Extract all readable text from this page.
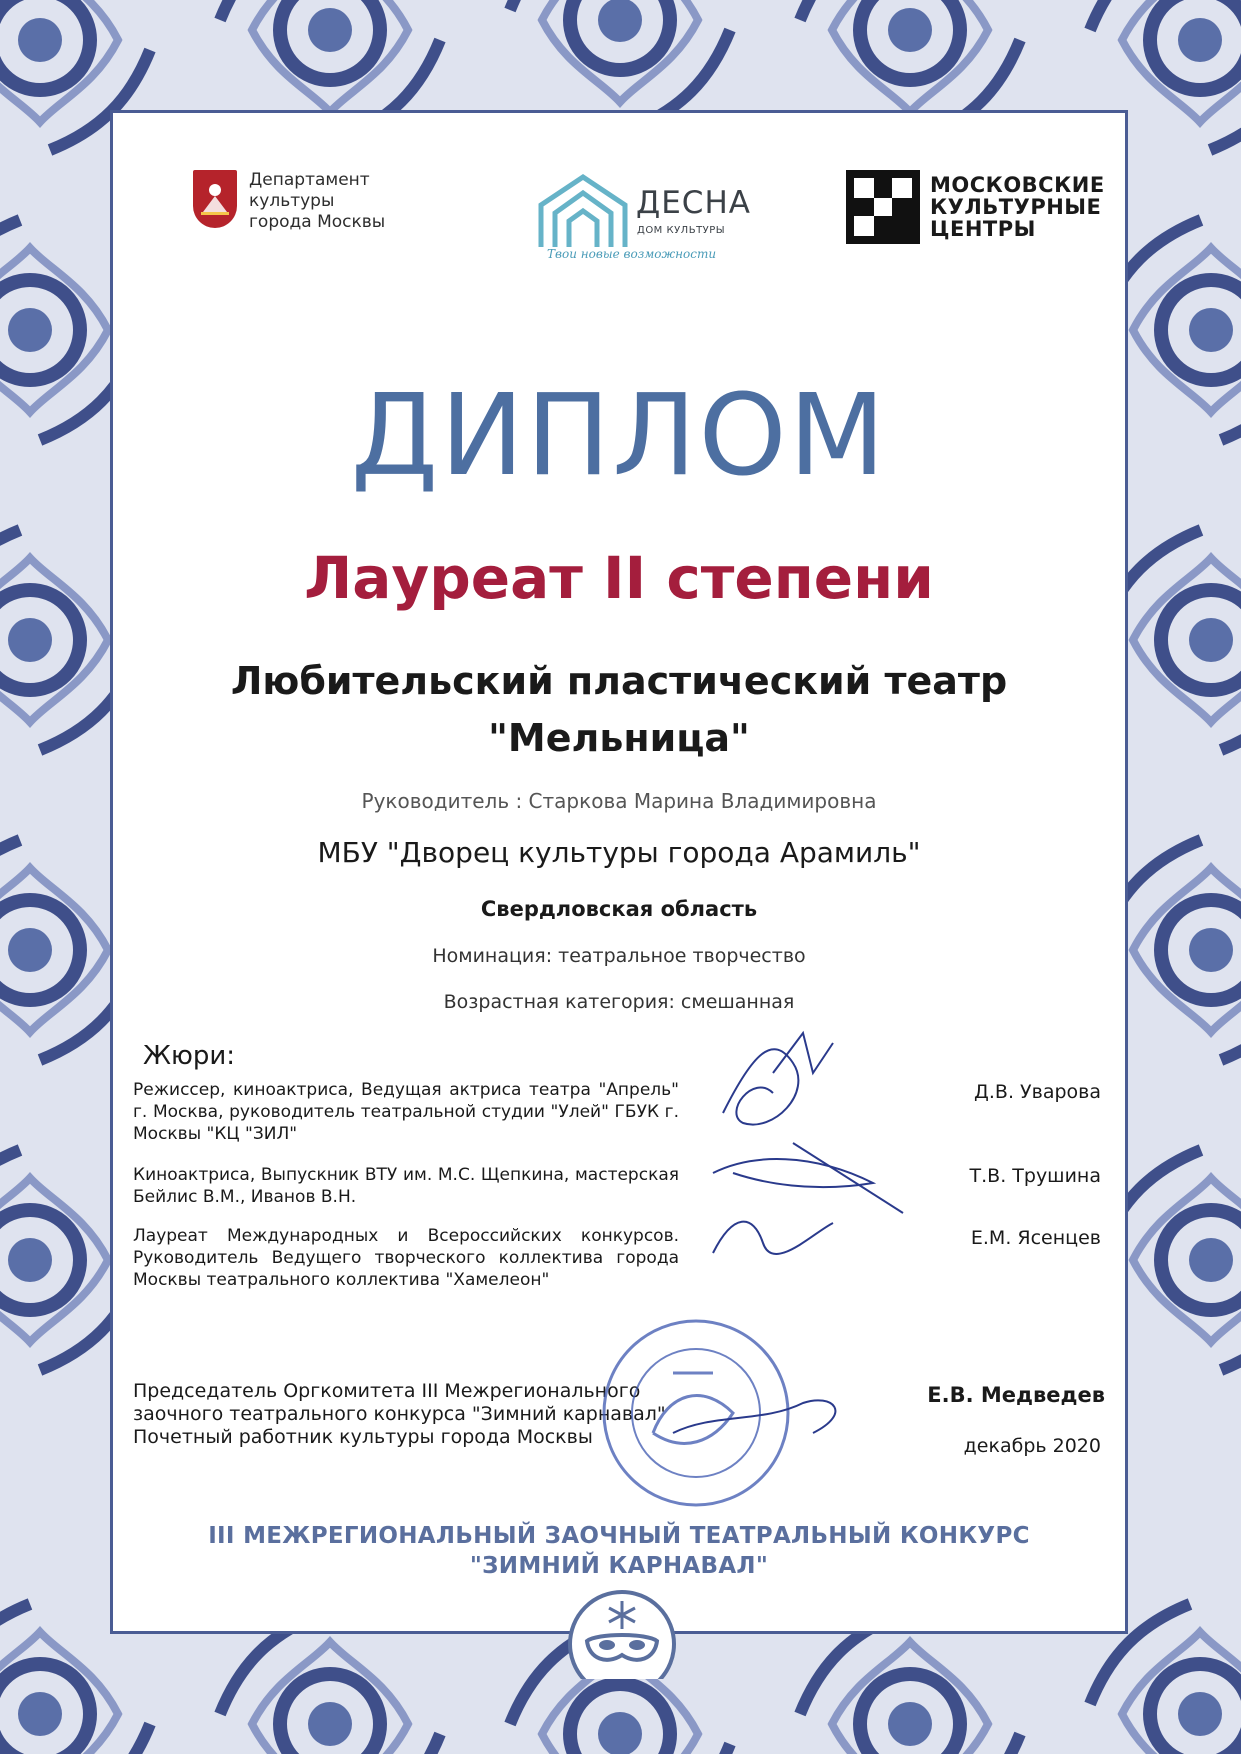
Департамент
культуры
города Москвы
ДЕСНА
ДОМ КУЛЬТУРЫ
Твои новые возможности
МОСКОВСКИЕ
КУЛЬТУРНЫЕ
ЦЕНТРЫ
ДИПЛОМ
Лауреат II степени
Любительский пластический театр
"Мельница"
Руководитель : Старкова Марина Владимировна
МБУ "Дворец культуры города Арамиль"
Свердловская область
Номинация: театральное творчество
Возрастная категория: смешанная
Жюри:
Режиссер, киноактриса, Ведущая актриса театра "Апрель" г. Москва, руководитель театральной студии "Улей" ГБУК г. Москвы "КЦ "ЗИЛ"
Д.В. Уварова
Киноактриса, Выпускник ВТУ им. М.С. Щепкина, мастерская Бейлис В.М., Иванов В.Н.
Т.В. Трушина
Лауреат Международных и Всероссийских конкурсов. Руководитель Ведущего творческого коллектива города Москвы театрального коллектива "Хамелеон"
Е.М. Ясенцев
Председатель Оргкомитета III Межрегионального
заочного театрального конкурса "Зимний карнавал"
Почетный работник культуры города Москвы
Е.В. Медведев
декабрь 2020
III МЕЖРЕГИОНАЛЬНЫЙ ЗАОЧНЫЙ ТЕАТРАЛЬНЫЙ КОНКУРС
"ЗИМНИЙ КАРНАВАЛ"
